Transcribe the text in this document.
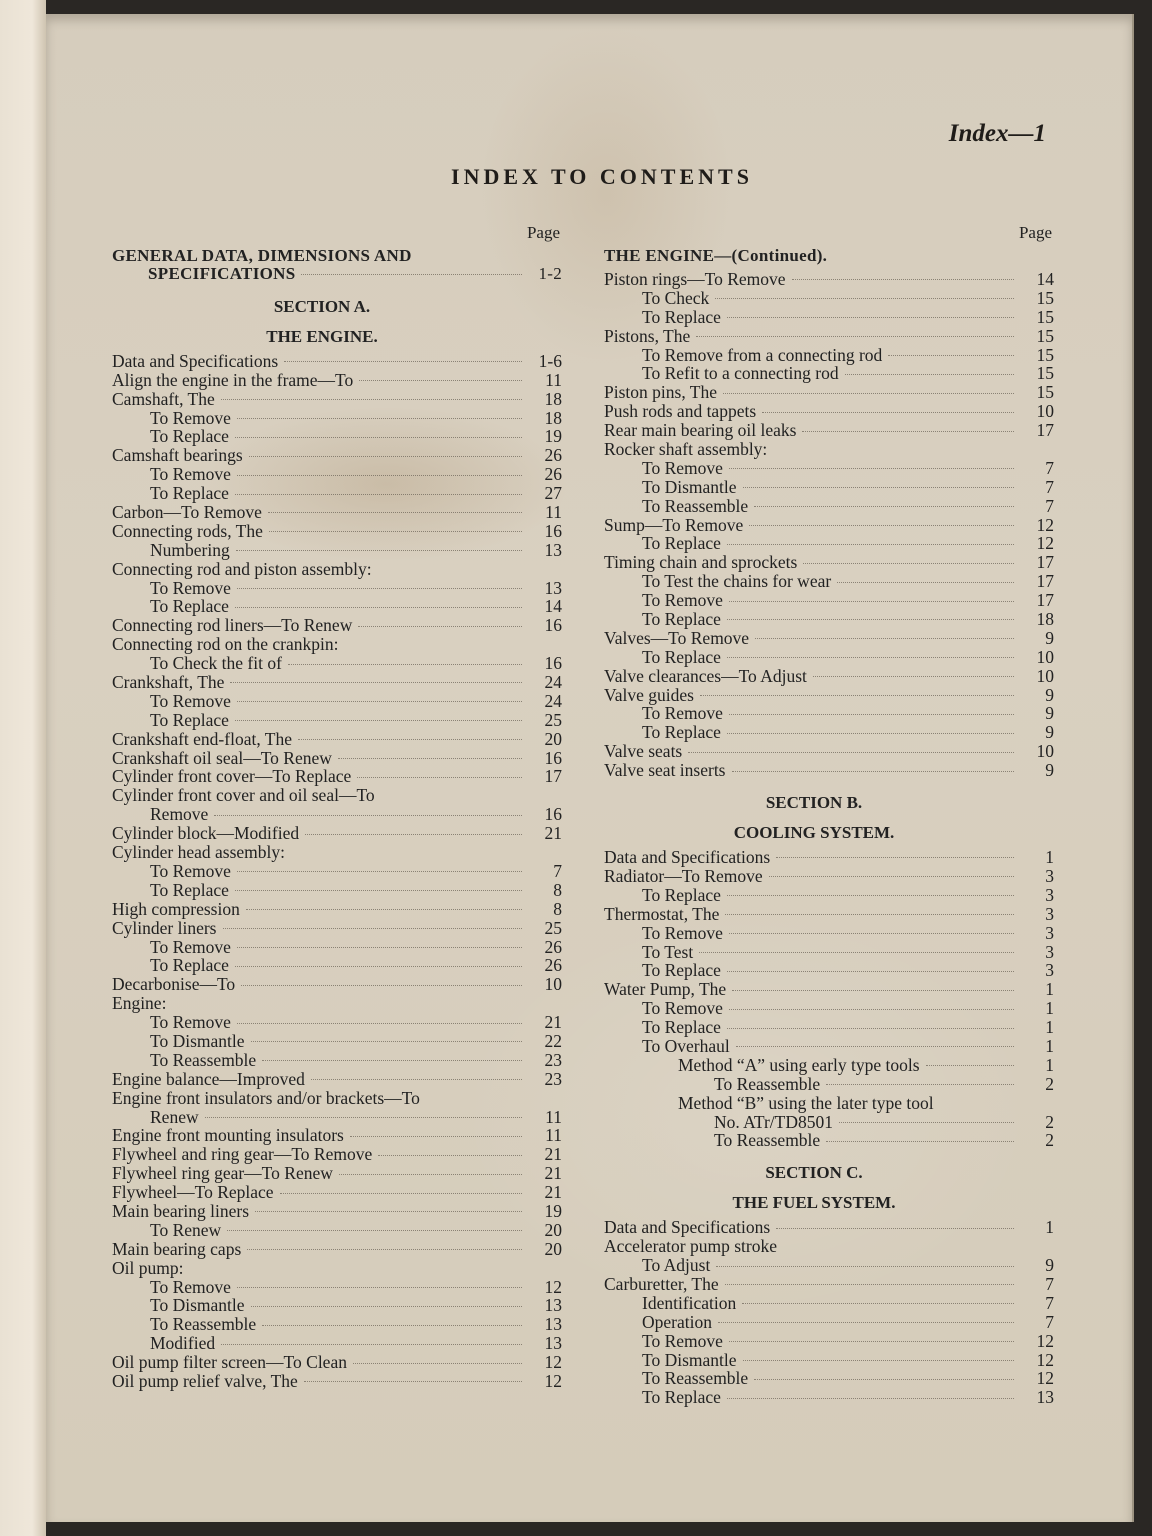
Index—1
INDEX TO CONTENTS
Page
GENERAL DATA, DIMENSIONS AND
SPECIFICATIONS	1-2
SECTION A.
THE ENGINE.
Data and Specifications	1-6
Align the engine in the frame—To	11
Camshaft, The	18
To Remove	18
To Replace	19
Camshaft bearings	26
To Remove	26
To Replace	27
Carbon—To Remove	11
Connecting rods, The	16
Numbering	13
Connecting rod and piston assembly:
To Remove	13
To Replace	14
Connecting rod liners—To Renew	16
Connecting rod on the crankpin:
To Check the fit of	16
Crankshaft, The	24
To Remove	24
To Replace	25
Crankshaft end-float, The	20
Crankshaft oil seal—To Renew	16
Cylinder front cover—To Replace	17
Cylinder front cover and oil seal—To
Remove	16
Cylinder block—Modified	21
Cylinder head assembly:
To Remove	7
To Replace	8
High compression	8
Cylinder liners	25
To Remove	26
To Replace	26
Decarbonise—To	10
Engine:
To Remove	21
To Dismantle	22
To Reassemble	23
Engine balance—Improved	23
Engine front insulators and/or brackets—To
Renew	11
Engine front mounting insulators	11
Flywheel and ring gear—To Remove	21
Flywheel ring gear—To Renew	21
Flywheel—To Replace	21
Main bearing liners	19
To Renew	20
Main bearing caps	20
Oil pump:
To Remove	12
To Dismantle	13
To Reassemble	13
Modified	13
Oil pump filter screen—To Clean	12
Oil pump relief valve, The	12
Page
THE ENGINE—(Continued).
Piston rings—To Remove	14
To Check	15
To Replace	15
Pistons, The	15
To Remove from a connecting rod	15
To Refit to a connecting rod	15
Piston pins, The	15
Push rods and tappets	10
Rear main bearing oil leaks	17
Rocker shaft assembly:
To Remove	7
To Dismantle	7
To Reassemble	7
Sump—To Remove	12
To Replace	12
Timing chain and sprockets	17
To Test the chains for wear	17
To Remove	17
To Replace	18
Valves—To Remove	9
To Replace	10
Valve clearances—To Adjust	10
Valve guides	9
To Remove	9
To Replace	9
Valve seats	10
Valve seat inserts	9
SECTION B.
COOLING SYSTEM.
Data and Specifications	1
Radiator—To Remove	3
To Replace	3
Thermostat, The	3
To Remove	3
To Test	3
To Replace	3
Water Pump, The	1
To Remove	1
To Replace	1
To Overhaul	1
Method “A” using early type tools	1
To Reassemble	2
Method “B” using the later type tool
No. ATr/TD8501	2
To Reassemble	2
SECTION C.
THE FUEL SYSTEM.
Data and Specifications	1
Accelerator pump stroke
To Adjust	9
Carburetter, The	7
Identification	7
Operation	7
To Remove	12
To Dismantle	12
To Reassemble	12
To Replace	13
